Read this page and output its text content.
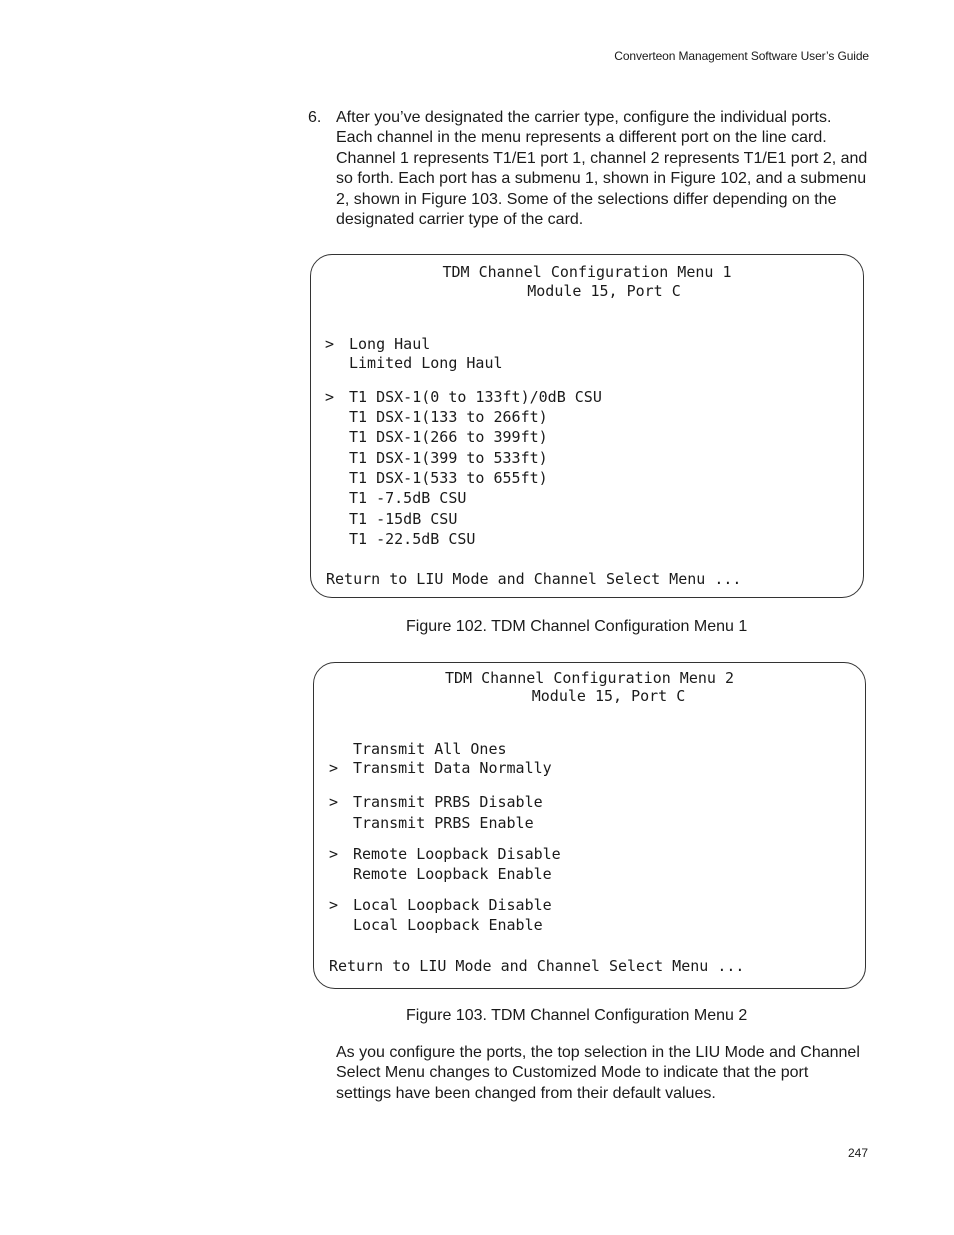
Converteon Management Software User’s Guide
6. After you’ve designated the carrier type, configure the individual ports. Each channel in the menu represents a different port on the line card. Channel 1 represents T1/E1 port 1, channel 2 represents T1/E1 port 2, and so forth. Each port has a submenu 1, shown in Figure 102, and a submenu 2, shown in Figure 103. Some of the selections differ depending on the designated carrier type of the card.
TDM Channel Configuration Menu 1
Module 15, Port C
> Long Haul
Limited Long Haul
> T1 DSX-1(0 to 133ft)/0dB CSU
T1 DSX-1(133 to 266ft)
T1 DSX-1(266 to 399ft)
T1 DSX-1(399 to 533ft)
T1 DSX-1(533 to 655ft)
T1 -7.5dB CSU
T1 -15dB CSU
T1 -22.5dB CSU
Return to LIU Mode and Channel Select Menu ...
Figure 102. TDM Channel Configuration Menu 1
TDM Channel Configuration Menu 2
Module 15, Port C
Transmit All Ones
> Transmit Data Normally
> Transmit PRBS Disable
Transmit PRBS Enable
> Remote Loopback Disable
Remote Loopback Enable
> Local Loopback Disable
Local Loopback Enable
Return to LIU Mode and Channel Select Menu ...
Figure 103. TDM Channel Configuration Menu 2
As you configure the ports, the top selection in the LIU Mode and Channel Select Menu changes to Customized Mode to indicate that the port settings have been changed from their default values.
247
